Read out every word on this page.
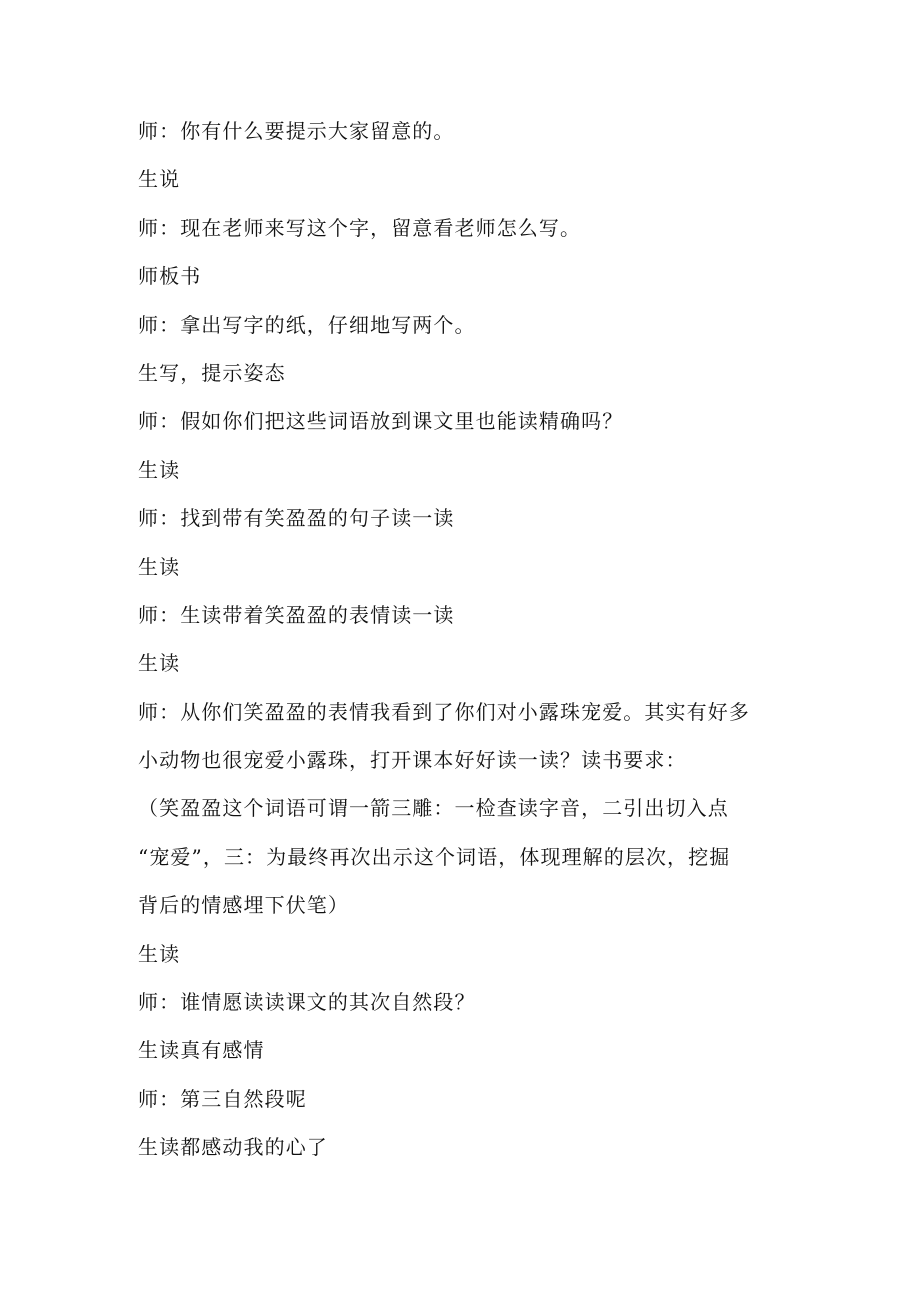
师：你有什么要提示大家留意的。
生说
师：现在老师来写这个字，留意看老师怎么写。
师板书
师：拿出写字的纸，仔细地写两个。
生写，提示姿态
师：假如你们把这些词语放到课文里也能读精确吗？
生读
师：找到带有笑盈盈的句子读一读
生读
师：生读带着笑盈盈的表情读一读
生读
师：从你们笑盈盈的表情我看到了你们对小露珠宠爱。其实有好多
小动物也很宠爱小露珠，打开课本好好读一读？读书要求：
（笑盈盈这个词语可谓一箭三雕：一检查读字音，二引出切入点
“宠爱”，三：为最终再次出示这个词语，体现理解的层次，挖掘
背后的情感埋下伏笔）
生读
师：谁情愿读读课文的其次自然段？
生读真有感情
师：第三自然段呢
生读都感动我的心了
